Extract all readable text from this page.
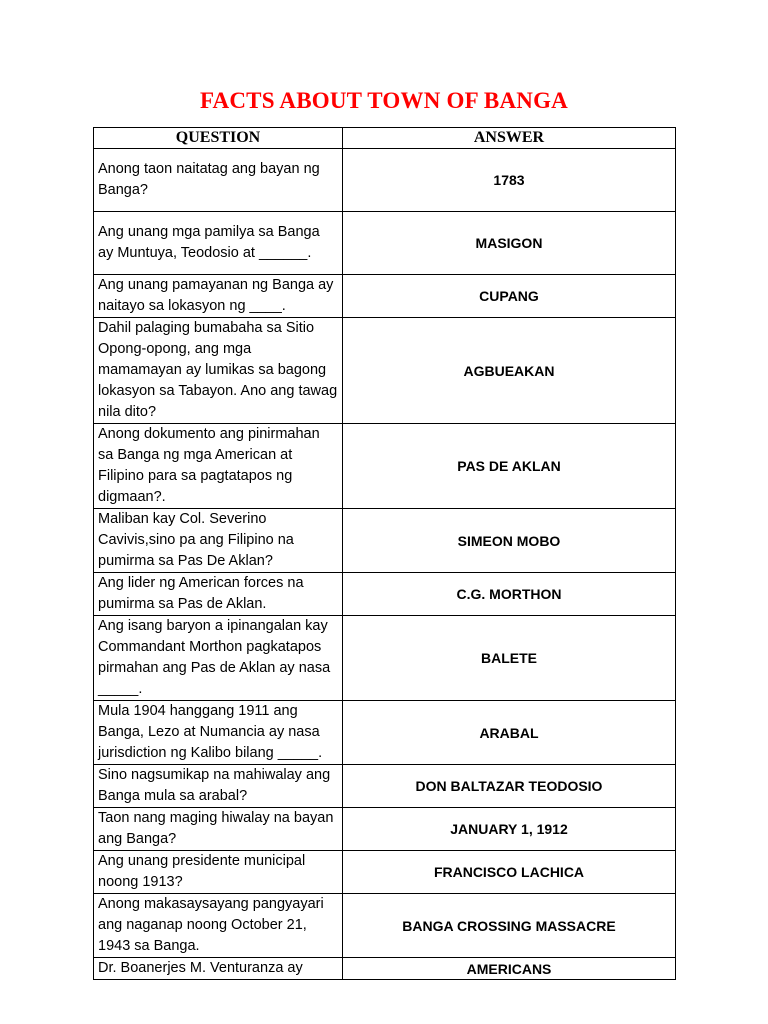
FACTS ABOUT TOWN OF BANGA
QUESTION	ANSWER
Anong taon naitatag ang bayan ng Banga?	1783
Ang unang mga pamilya sa Banga ay Muntuya, Teodosio at ______.	MASIGON
Ang unang pamayanan ng Banga ay naitayo sa lokasyon ng ____.	CUPANG
Dahil palaging bumabaha sa Sitio Opong-opong, ang mga mamamayan ay lumikas sa bagong lokasyon sa Tabayon. Ano ang tawag nila dito?	AGBUEAKAN
Anong dokumento ang pinirmahan sa Banga ng mga American at Filipino para sa pagtatapos ng digmaan?.	PAS DE AKLAN
Maliban kay Col. Severino Cavivis,sino pa ang Filipino na pumirma sa Pas De Aklan?	SIMEON MOBO
Ang lider ng American forces na pumirma sa Pas de Aklan.	C.G. MORTHON
Ang isang baryon a ipinangalan kay Commandant Morthon pagkatapos pirmahan ang Pas de Aklan ay nasa _____.	BALETE
Mula 1904 hanggang 1911 ang Banga, Lezo at Numancia ay nasa jurisdiction ng Kalibo bilang _____.	ARABAL
Sino nagsumikap na mahiwalay ang Banga mula sa arabal?	DON BALTAZAR TEODOSIO
Taon nang maging hiwalay na bayan ang Banga?	JANUARY 1, 1912
Ang unang presidente municipal noong 1913?	FRANCISCO LACHICA
Anong makasaysayang pangyayari ang naganap noong October 21, 1943 sa Banga.	BANGA CROSSING MASSACRE
Dr. Boanerjes M. Venturanza ay	AMERICANS
